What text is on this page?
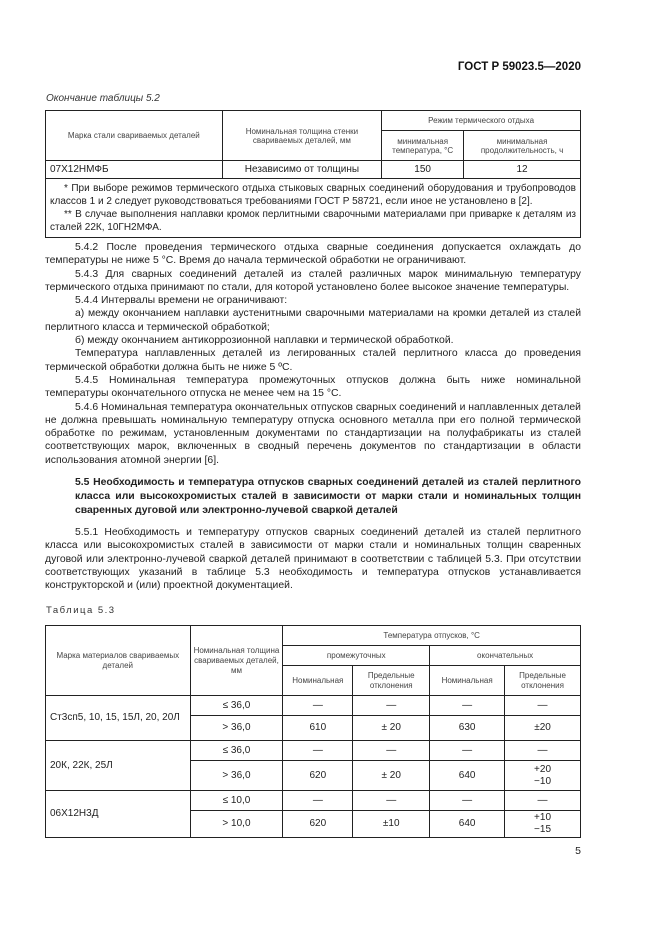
ГОСТ Р 59023.5—2020
Окончание таблицы 5.2
Марка стали свариваемых деталей	Номинальная толщина стенки свариваемых деталей, мм	Режим термического отдыха	
		минимальная температура, °С	минимальная продолжительность, ч
07Х12НМФБ	Независимо от толщины	150	12

* При выборе режимов термического отдыха стыковых сварных соединений оборудования и трубопроводов классов 1 и 2 следует руководствоваться требованиями ГОСТ Р 58721, если иное не установлено в [2].

** В случае выполнения наплавки кромок перлитными сварочными материалами при приварке к деталям из сталей 22К, 10ГН2МФА.			

5.4.2 После проведения термического отдыха сварные соединения допускается охлаждать до температуры не ниже 5 °С. Время до начала термической обработки не ограничивают.

5.4.3 Для сварных соединений деталей из сталей различных марок минимальную температуру термического отдыха принимают по стали, для которой установлено более высокое значение температуры.

5.4.4 Интервалы времени не ограничивают:

а) между окончанием наплавки аустенитными сварочными материалами на кромки деталей из сталей перлитного класса и термической обработкой;

б) между окончанием антикоррозионной наплавки и термической обработкой.

Температура наплавленных деталей из легированных сталей перлитного класса до проведения термической обработки должна быть не ниже 5 ºС.

5.4.5 Номинальная температура промежуточных отпусков должна быть ниже номинальной температуры окончательного отпуска не менее чем на 15 °С.

5.4.6 Номинальная температура окончательных отпусков сварных соединений и наплавленных деталей не должна превышать номинальную температуру отпуска основного металла при его полной термической обработке по режимам, установленным документами по стандартизации на полуфабрикаты из сталей соответствующих марок, включенных в сводный перечень документов по стандартизации в области использования атомной энергии [6].

5.5 Необходимость и температура отпусков сварных соединений деталей из сталей перлитного класса или высокохромистых сталей в зависимости от марки стали и номинальных толщин сваренных дуговой или электронно-лучевой сваркой деталей

5.5.1 Необходимость и температуру отпусков сварных соединений деталей из сталей перлитного класса или высокохромистых сталей в зависимости от марки стали и номинальных толщин сваренных дуговой или электронно-лучевой сваркой деталей принимают в соответствии с таблицей 5.3. При отсутствии соответствующих указаний в таблице 5.3 необходимость и температура отпусков устанавливается конструкторской и (или) проектной документацией.

Таблица 5.3
Марка материалов свариваемых деталей	Номинальная толщина свариваемых деталей, мм	Температура отпусков, °С			
		промежуточных		окончательных	
		Номинальная	Предельные отклонения	Номинальная	Предельные отклонения
Ст3сп5, 10, 15, 15Л, 20, 20Л	≤ 36,0	—	—	—	—
	> 36,0	610	± 20	630	±20
20К, 22К, 25Л	≤ 36,0	—	—	—	—
	> 36,0	620	± 20	640	+20
−10
06Х12Н3Д	≤ 10,0	—	—	—	—
	> 10,0	620	±10	640	+10
−15
5
